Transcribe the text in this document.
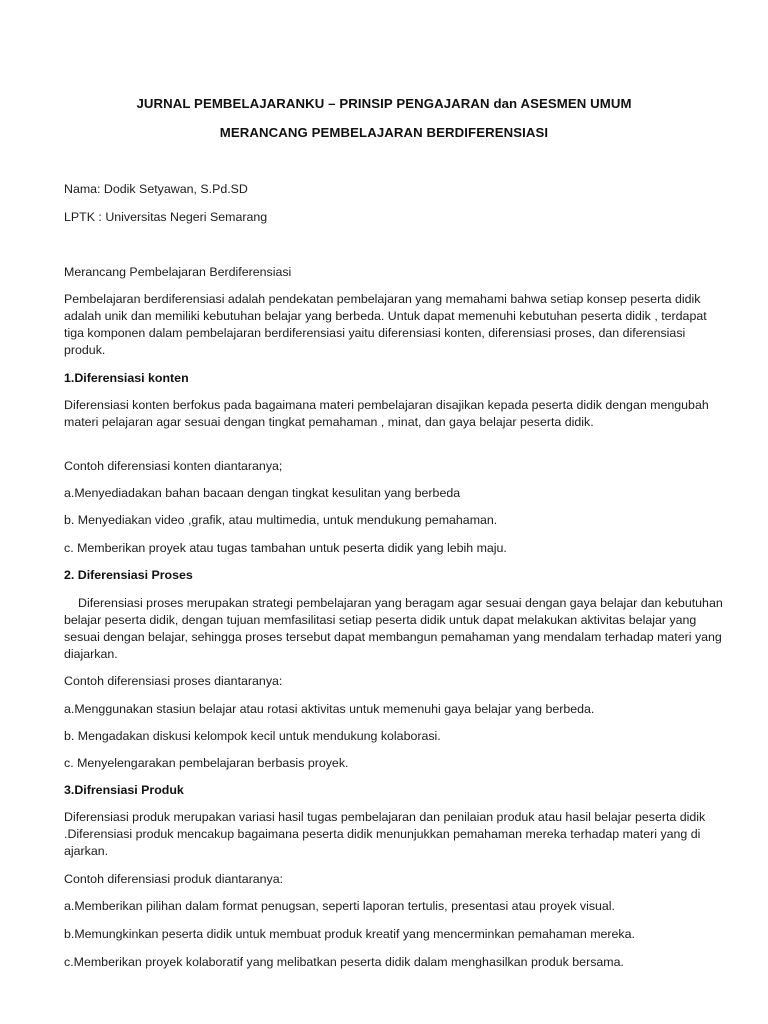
JURNAL PEMBELAJARANKU – PRINSIP PENGAJARAN dan ASESMEN UMUM
MERANCANG PEMBELAJARAN BERDIFERENSIASI
Nama: Dodik Setyawan, S.Pd.SD
LPTK : Universitas Negeri Semarang
Merancang Pembelajaran Berdiferensiasi
Pembelajaran berdiferensiasi adalah pendekatan pembelajaran yang memahami bahwa setiap konsep peserta didik adalah unik dan memiliki kebutuhan belajar yang berbeda. Untuk dapat memenuhi kebutuhan peserta didik , terdapat tiga komponen dalam pembelajaran berdiferensiasi yaitu diferensiasi konten, diferensiasi proses, dan diferensiasi produk.
1.Diferensiasi konten
Diferensiasi konten berfokus pada bagaimana materi pembelajaran disajikan kepada peserta didik dengan mengubah materi pelajaran agar sesuai dengan tingkat pemahaman , minat, dan gaya belajar peserta didik.
Contoh diferensiasi konten diantaranya;
a.Menyediadakan bahan bacaan dengan tingkat kesulitan yang berbeda
b. Menyediakan video ,grafik, atau multimedia, untuk mendukung pemahaman.
c. Memberikan proyek atau tugas tambahan untuk peserta didik yang lebih maju.
2. Diferensiasi Proses
Diferensiasi proses merupakan strategi pembelajaran yang beragam agar sesuai dengan gaya belajar dan kebutuhan belajar peserta didik, dengan tujuan memfasilitasi setiap peserta didik untuk dapat melakukan aktivitas belajar yang sesuai dengan belajar, sehingga proses tersebut dapat membangun pemahaman yang mendalam terhadap materi yang diajarkan.
Contoh diferensiasi proses diantaranya:
a.Menggunakan stasiun belajar atau rotasi aktivitas untuk memenuhi gaya belajar yang berbeda.
b. Mengadakan diskusi kelompok kecil untuk mendukung kolaborasi.
c. Menyelengarakan pembelajaran berbasis proyek.
3.Difrensiasi Produk
Diferensiasi produk merupakan variasi hasil tugas pembelajaran dan penilaian produk atau hasil belajar peserta didik .Diferensiasi produk mencakup bagaimana peserta didik menunjukkan pemahaman mereka terhadap materi yang di ajarkan.
Contoh diferensiasi produk diantaranya:
a.Memberikan pilihan dalam format penugsan, seperti laporan tertulis, presentasi atau proyek visual.
b.Memungkinkan peserta didik untuk membuat produk kreatif yang mencerminkan pemahaman mereka.
c.Memberikan proyek kolaboratif yang melibatkan peserta didik dalam menghasilkan produk bersama.
